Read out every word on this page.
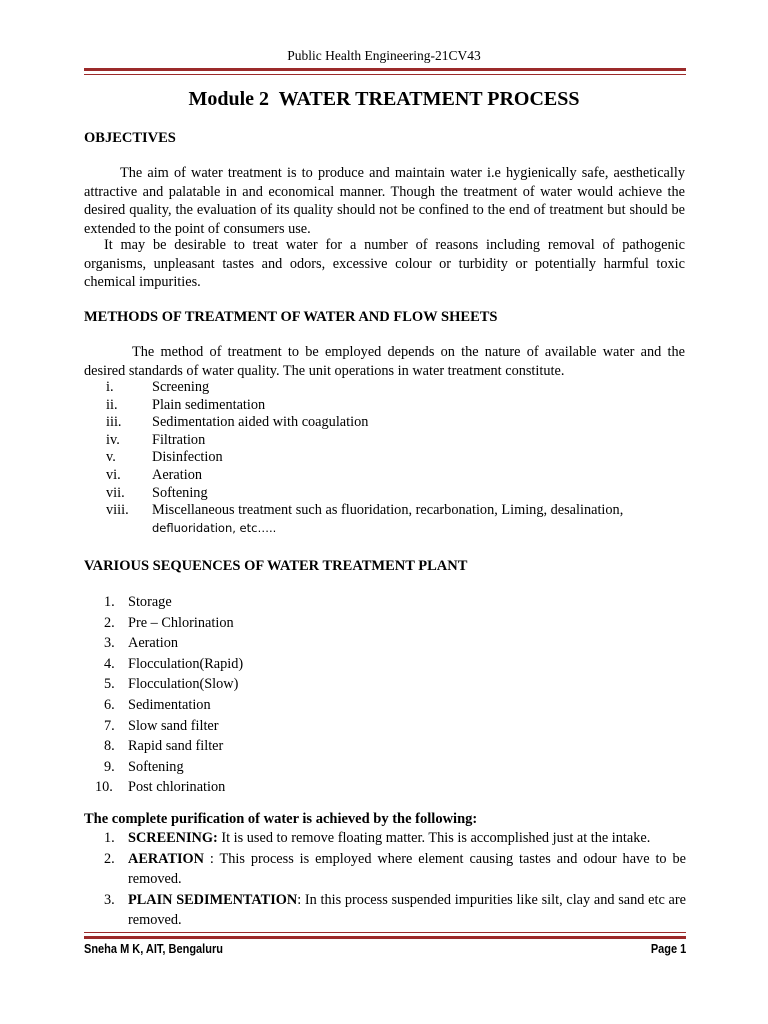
Public Health Engineering-21CV43
Module 2  WATER TREATMENT PROCESS
OBJECTIVES
The aim of water treatment is to produce and maintain water i.e hygienically safe, aesthetically attractive and palatable in and economical manner. Though the treatment of water would achieve the desired quality, the evaluation of its quality should not be confined to the end of treatment but should be extended to the point of consumers use.
It may be desirable to treat water for a number of reasons including removal of pathogenic organisms, unpleasant tastes and odors, excessive colour or turbidity or potentially harmful toxic chemical impurities.
METHODS OF TREATMENT OF WATER AND FLOW SHEETS
The method of treatment to be employed depends on the nature of available water and the desired standards of water quality. The unit operations in water treatment constitute.
i.	Screening
ii.	Plain sedimentation
iii.	Sedimentation aided with coagulation
iv.	Filtration
v.	Disinfection
vi.	Aeration
vii.	Softening
viii.	Miscellaneous treatment such as fluoridation, recarbonation, Liming, desalination,
defluoridation, etc…..
VARIOUS SEQUENCES OF WATER TREATMENT PLANT
1. Storage
2. Pre – Chlorination
3. Aeration
4. Flocculation(Rapid)
5. Flocculation(Slow)
6. Sedimentation
7. Slow sand filter
8. Rapid sand filter
9. Softening
10.	Post chlorination
The complete purification of water is achieved by the following:
1. SCREENING: It is used to remove floating matter. This is accomplished just at the intake.
2. AERATION : This process is employed where element causing tastes and odour have to be removed.
3. PLAIN SEDIMENTATION: In this process suspended impurities like silt, clay and sand etc are removed.
Sneha M K, AIT, Bengaluru	Page 1
